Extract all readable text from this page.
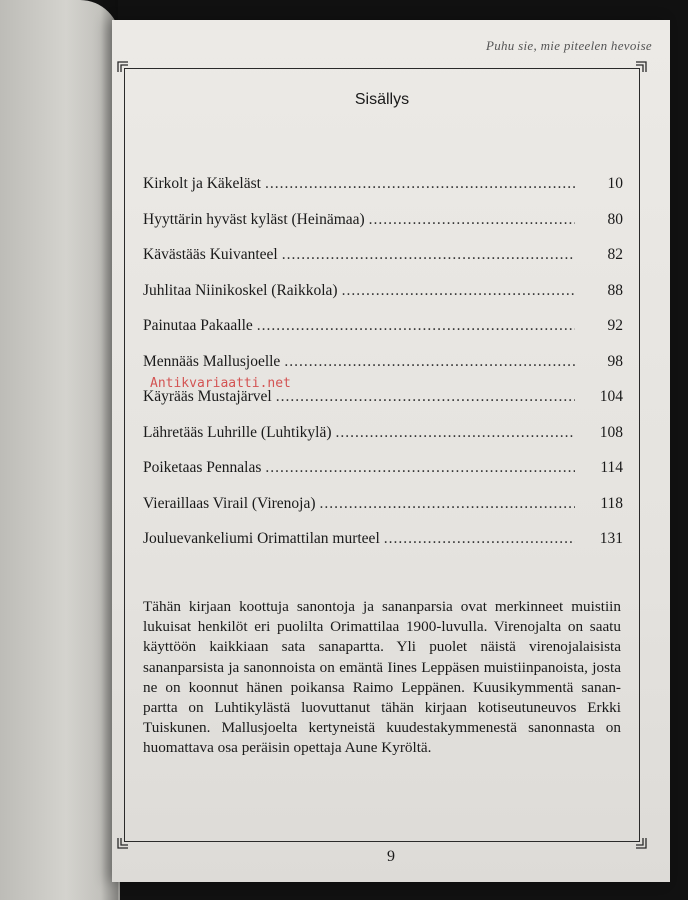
Puhu sie, mie piteelen hevoise
Sisällys
Kirkolt ja Käkeläst .....	10
Hyyttärin hyväst kyläst (Heinämaa) .....	80
Kävästääs Kuivanteel .....	82
Juhlitaa Niinikoskel (Raikkola) .....	88
Painutaa Pakaalle .....	92
Mennääs Mallusjoelle .....	98
Käyrääs Mustajärvel .....	104
Lähretääs Luhrille (Luhtikylä) .....	108
Poiketaas Pennalas .....	114
Vieraillaas Virail (Virenoja) .....	118
Jouluevankeliumi Orimattilan murteel .....	131

Tähän kirjaan koottuja sanontoja ja sananparsia ovat merkinneet muistiin lukuisat henkilöt eri puolilta Orimattilaa 1900-luvulla. Virenojalta on saatu käyttöön kaikkiaan sata sanapartta. Yli puolet näistä virenojalaisista sananparsista ja sanonnoista on emäntä Iines Leppäsen muistiinpanoista, josta ne on koonnut hänen poikansa Raimo Leppänen. Kuusikymmentä sanan-partta on Luhtikylästä luovuttanut tähän kirjaan kotiseutuneuvos Erkki Tuiskunen. Mallusjoelta kertyneistä kuudestakymmenestä sanonnasta on huomattava osa peräisin opettaja Aune Kyröltä.

9
Antikvariaatti.net
